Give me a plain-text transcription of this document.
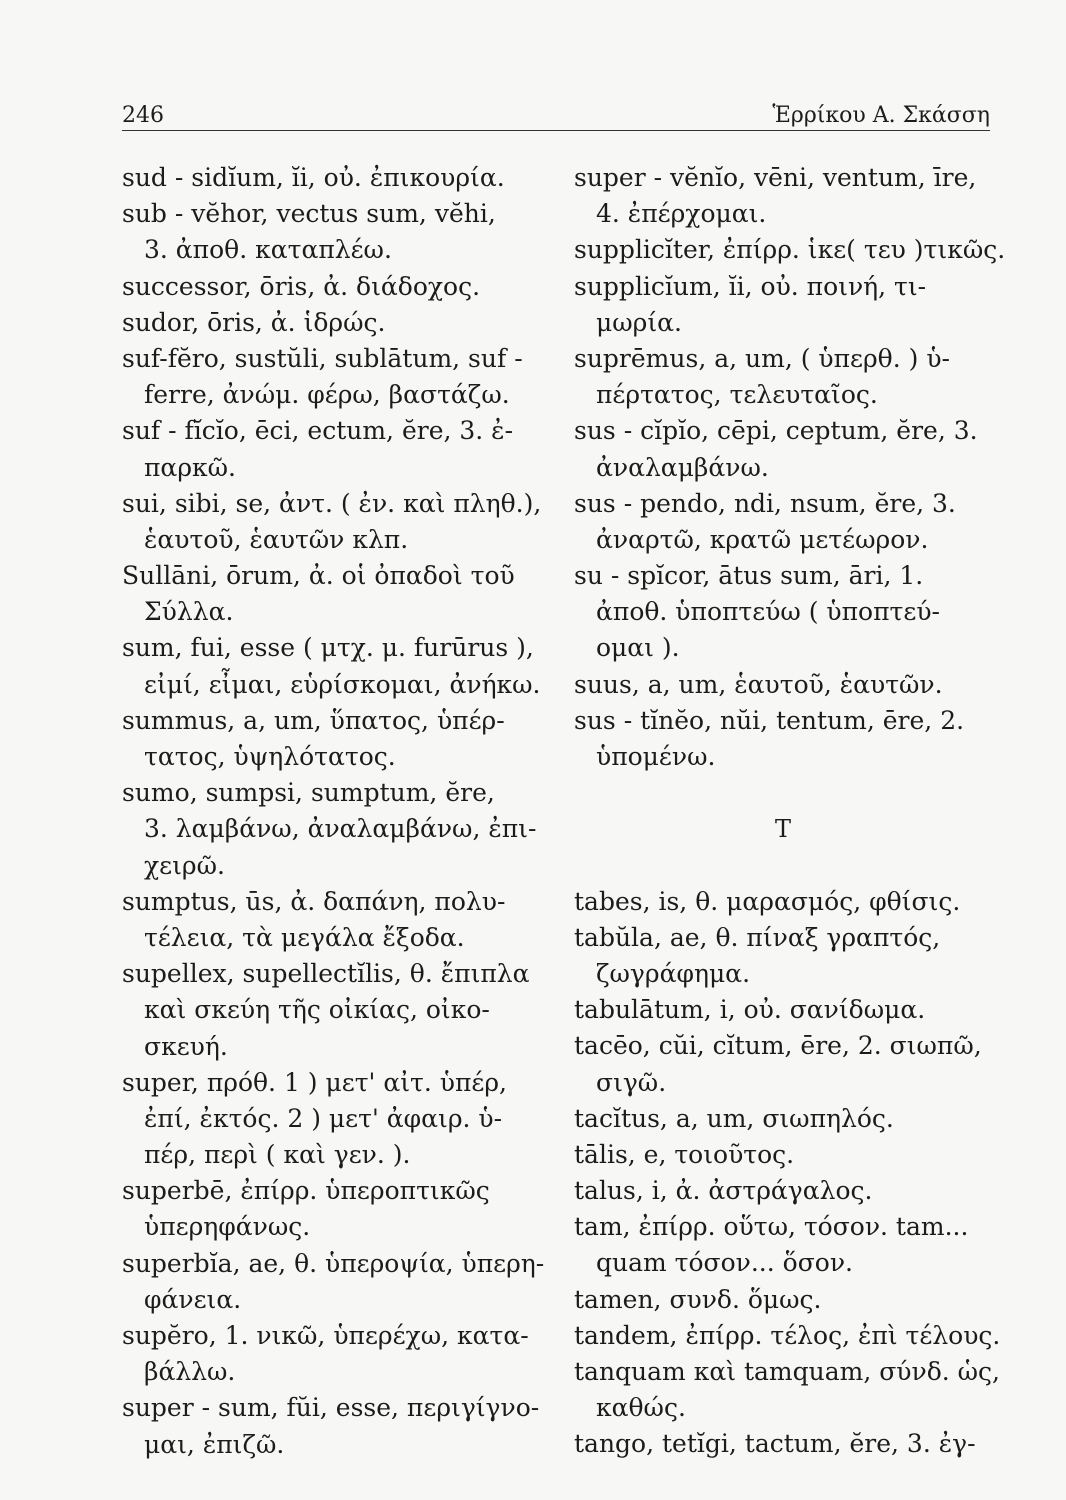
246	Ἑρρίκου Α. Σκάσση
sud - sidĭum, ĭi, οὐ. ἐπικουρία.
sub - vĕhor, vectus sum, vĕhi,
3. ἀποθ. καταπλέω.
successor, ōris, ἀ. διάδοχος.
sudor, ōris, ἀ. ἱδρώς.
suf-fĕro, sustŭli, sublātum, suf -
ferre, ἀνώμ. φέρω, βαστάζω.
suf - fĭcĭo, ēci, ectum, ĕre, 3. ἐ-
παρκῶ.
sui, sibi, se, ἀντ. ( ἐν. καὶ πληθ.),
ἑαυτοῦ, ἑαυτῶν κλπ.
Sullāni, ōrum, ἀ. οἱ ὀπαδοὶ τοῦ
Σύλλα.
sum, fui, esse ( μτχ. μ. furūrus ),
εἰμί, εἶμαι, εὑρίσκομαι, ἀνήκω.
summus, a, um, ὕπατος, ὑπέρ-
τατος, ὑψηλότατος.
sumo, sumpsi, sumptum, ĕre,
3. λαμβάνω, ἀναλαμβάνω, ἐπι-
χειρῶ.
sumptus, ūs, ἀ. δαπάνη, πολυ-
τέλεια, τὰ μεγάλα ἔξοδα.
supellex, supellectĭlis, θ. ἔπιπλα
καὶ σκεύη τῆς οἰκίας, οἰκο-
σκευή.
super, πρόθ. 1 ) μετ' αἰτ. ὑπέρ,
ἐπί, ἐκτός. 2 ) μετ' ἀφαιρ. ὑ-
πέρ, περὶ ( καὶ γεν. ).
superbē, ἐπίρρ. ὑπεροπτικῶς
ὑπερηφάνως.
superbĭa, ae, θ. ὑπεροψία, ὑπερη-
φάνεια.
supĕro, 1. νικῶ, ὑπερέχω, κατα-
βάλλω.
super - sum, fŭi, esse, περιγίγνο-
μαι, ἐπιζῶ.
super - vĕnĭo, vēni, ventum, īre,
4. ἐπέρχομαι.
supplicĭter, ἐπίρρ. ἱκε( τευ )τικῶς.
supplicĭum, ĭi, οὐ. ποινή, τι-
μωρία.
suprēmus, a, um, ( ὑπερθ. ) ὑ-
πέρτατος, τελευταῖος.
sus - cĭpĭo, cēpi, ceptum, ĕre, 3.
ἀναλαμβάνω.
sus - pendo, ndi, nsum, ĕre, 3.
ἀναρτῶ, κρατῶ μετέωρον.
su - spĭcor, ātus sum, āri, 1.
ἀποθ. ὑποπτεύω ( ὑποπτεύ-
ομαι ).
suus, a, um, ἑαυτοῦ, ἑαυτῶν.
sus - tĭnĕo, nŭi, tentum, ēre, 2.
ὑπομένω.
T
tabes, is, θ. μαρασμός, φθίσις.
tabŭla, ae, θ. πίναξ γραπτός,
ζωγράφημα.
tabulātum, i, οὐ. σανίδωμα.
tacēo, cŭi, cĭtum, ēre, 2. σιωπῶ,
σιγῶ.
tacĭtus, a, um, σιωπηλός.
tālis, e, τοιοῦτος.
talus, i, ἀ. ἀστράγαλος.
tam, ἐπίρρ. οὕτω, τόσον. tam...
quam τόσον... ὅσον.
tamen, συνδ. ὅμως.
tandem, ἐπίρρ. τέλος, ἐπὶ τέλους.
tanquam καὶ tamquam, σύνδ. ὡς,
καθώς.
tango, tetĭgi, tactum, ĕre, 3. ἐγ-
